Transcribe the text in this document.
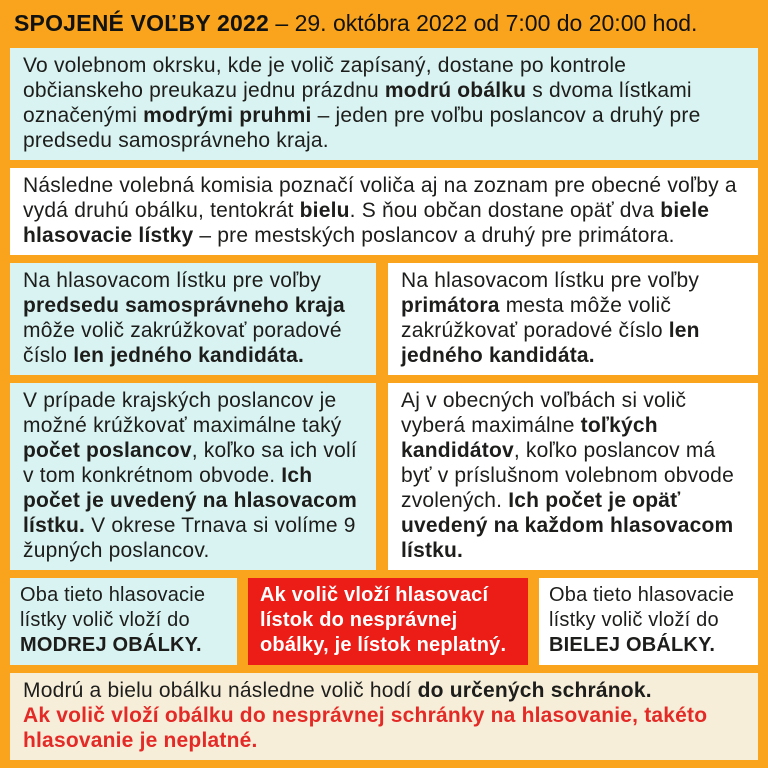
SPOJENÉ VOĽBY 2022 – 29. októbra 2022 od 7:00 do 20:00 hod.
Vo volebnom okrsku, kde je volič zapísaný, dostane po kontrole občianskeho preukazu jednu prázdnu modrú obálku s dvoma lístkami označenými modrými pruhmi – jeden pre voľbu poslancov a druhý pre predsedu samosprávneho kraja.
Následne volebná komisia poznačí voliča aj na zoznam pre obecné voľby a vydá druhú obálku, tentokrát bielu. S ňou občan dostane opäť dva biele hlasovacie lístky – pre mestských poslancov a druhý pre primátora.
Na hlasovacom lístku pre voľby predsedu samosprávneho kraja môže volič zakrúžkovať poradové číslo len jedného kandidáta.
Na hlasovacom lístku pre voľby primátora mesta môže volič zakrúžkovať poradové číslo len jedného kandidáta.
V prípade krajských poslancov je možné krúžkovať maximálne taký počet poslancov, koľko sa ich volí v tom konkrétnom obvode. Ich počet je uvedený na hlasovacom lístku. V okrese Trnava si volíme 9 župných poslancov.
Aj v obecných voľbách si volič vyberá maximálne toľkých kandidátov, koľko poslancov má byť v príslušnom volebnom obvode zvolených. Ich počet je opäť uvedený na každom hlasovacom lístku.
Oba tieto hlasovacie lístky volič vloží do MODREJ OBÁLKY.
Ak volič vloží hlasovací lístok do nesprávnej obálky, je lístok neplatný.
Oba tieto hlasovacie lístky volič vloží do BIELEJ OBÁLKY.
Modrú a bielu obálku následne volič hodí do určených schránok.
Ak volič vloží obálku do nesprávnej schránky na hlasovanie, takéto hlasovanie je neplatné.
